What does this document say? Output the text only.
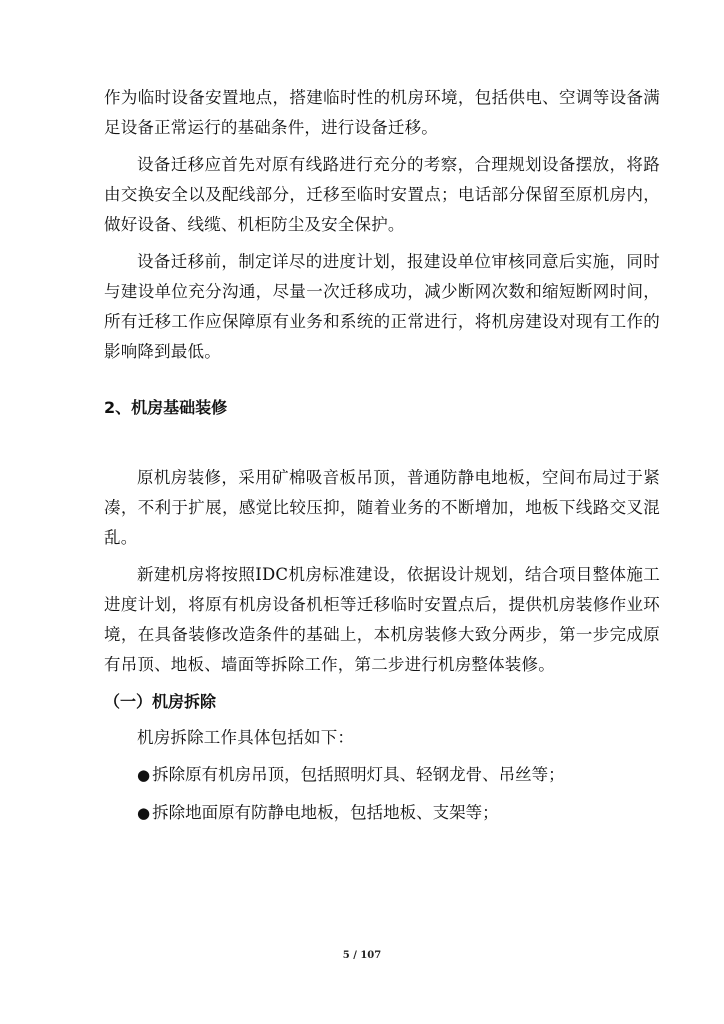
作为临时设备安置地点，搭建临时性的机房环境，包括供电、空调等设备满足设备正常运行的基础条件，进行设备迁移。

设备迁移应首先对原有线路进行充分的考察，合理规划设备摆放，将路由交换安全以及配线部分，迁移至临时安置点；电话部分保留至原机房内，做好设备、线缆、机柜防尘及安全保护。

设备迁移前，制定详尽的进度计划，报建设单位审核同意后实施，同时与建设单位充分沟通，尽量一次迁移成功，减少断网次数和缩短断网时间，所有迁移工作应保障原有业务和系统的正常进行，将机房建设对现有工作的影响降到最低。

2、机房基础装修

原机房装修，采用矿棉吸音板吊顶，普通防静电地板，空间布局过于紧凑，不利于扩展，感觉比较压抑，随着业务的不断增加，地板下线路交叉混乱。

新建机房将按照IDC机房标准建设，依据设计规划，结合项目整体施工进度计划，将原有机房设备机柜等迁移临时安置点后，提供机房装修作业环境，在具备装修改造条件的基础上，本机房装修大致分两步，第一步完成原有吊顶、地板、墙面等拆除工作，第二步进行机房整体装修。

（一）机房拆除

机房拆除工作具体包括如下：

● 拆除原有机房吊顶，包括照明灯具、轻钢龙骨、吊丝等；
● 拆除地面原有防静电地板，包括地板、支架等；
5 / 107
